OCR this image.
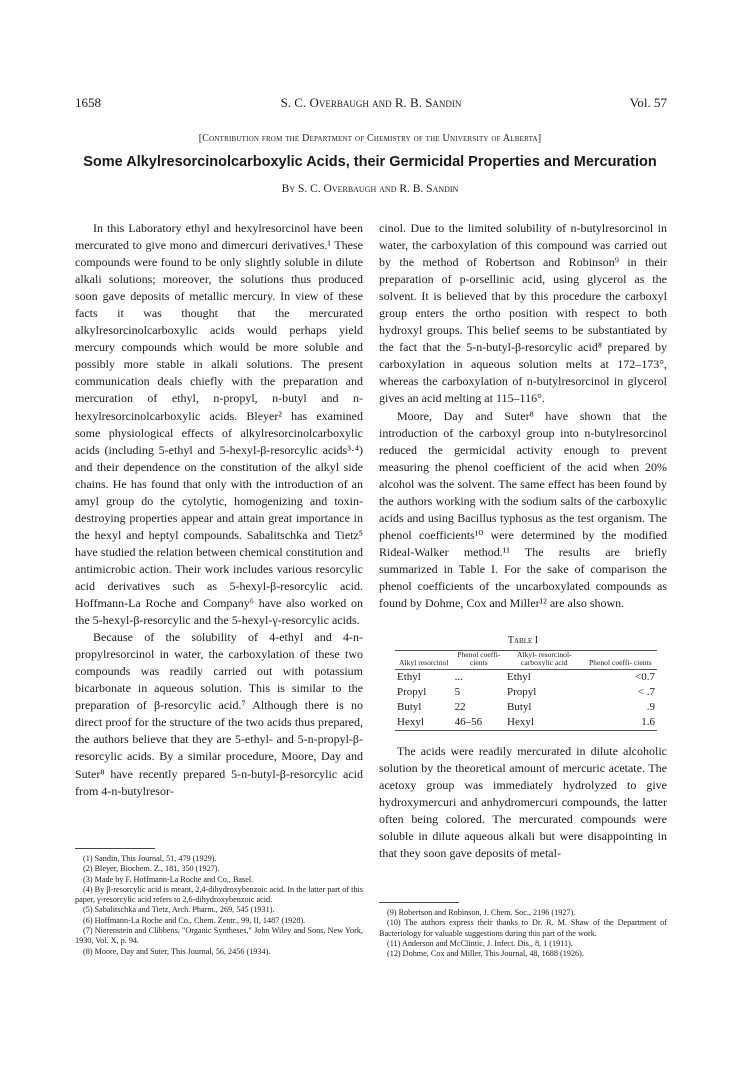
1658	S. C. Overbaugh and R. B. Sandin	Vol. 57
[Contribution from the Department of Chemistry of the University of Alberta]
Some Alkylresorcinolcarboxylic Acids, their Germicidal Properties and Mercuration
By S. C. Overbaugh and R. B. Sandin

In this Laboratory ethyl and hexylresorcinol have been mercurated to give mono and dimercuri derivatives.¹ These compounds were found to be only slightly soluble in dilute alkali solutions; moreover, the solutions thus produced soon gave deposits of metallic mercury. In view of these facts it was thought that the mercurated alkylresorcinolcarboxylic acids would perhaps yield mercury compounds which would be more soluble and possibly more stable in alkali solutions. The present communication deals chiefly with the preparation and mercuration of ethyl, n-propyl, n-butyl and n-hexylresorcinolcarboxylic acids. Bleyer² has examined some physiological effects of alkylresorcinolcarboxylic acids (including 5-ethyl and 5-hexyl-β-resorcylic acids³·⁴) and their dependence on the constitution of the alkyl side chains. He has found that only with the introduction of an amyl group do the cytolytic, homogenizing and toxin-destroying properties appear and attain great importance in the hexyl and heptyl compounds. Sabalitschka and Tietz⁵ have studied the relation between chemical constitution and antimicrobic action. Their work includes various resorcylic acid derivatives such as 5-hexyl-β-resorcylic acid. Hoffmann-La Roche and Company⁶ have also worked on the 5-hexyl-β-resorcylic and the 5-hexyl-γ-resorcylic acids.

Because of the solubility of 4-ethyl and 4-n-propylresorcinol in water, the carboxylation of these two compounds was readily carried out with potassium bicarbonate in aqueous solution. This is similar to the preparation of β-resorcylic acid.⁷ Although there is no direct proof for the structure of the two acids thus prepared, the authors believe that they are 5-ethyl- and 5-n-propyl-β-resorcylic acids. By a similar procedure, Moore, Day and Suter⁸ have recently prepared 5-n-butyl-β-resorcylic acid from 4-n-butylresor-

(1) Sandin, This Journal, 51, 479 (1929).

(2) Bleyer, Biochem. Z., 181, 350 (1927).

(3) Made by F. Hoffmann-La Roche and Co., Basel.

(4) By β-resorcylic acid is meant, 2,4-dihydroxybenzoic acid. In the latter part of this paper, γ-resorcylic acid refers to 2,6-dihydroxybenzoic acid.

(5) Sabalitschka and Tietz, Arch. Pharm., 269, 545 (1931).

(6) Hoffmann-La Roche and Co., Chem. Zentr., 99, II, 1487 (1928).

(7) Nierenstein and Clibbens, "Organic Syntheses," John Wiley and Sons, New York, 1930, Vol. X, p. 94.

(8) Moore, Day and Suter, This Journal, 56, 2456 (1934).

cinol. Due to the limited solubility of n-butylresorcinol in water, the carboxylation of this compound was carried out by the method of Robertson and Robinson⁹ in their preparation of p-orsellinic acid, using glycerol as the solvent. It is believed that by this procedure the carboxyl group enters the ortho position with respect to both hydroxyl groups. This belief seems to be substantiated by the fact that the 5-n-butyl-β-resorcylic acid⁸ prepared by carboxylation in aqueous solution melts at 172–173°, whereas the carboxylation of n-butylresorcinol in glycerol gives an acid melting at 115–116°.

Moore, Day and Suter⁸ have shown that the introduction of the carboxyl group into n-butylresorcinol reduced the germicidal activity enough to prevent measuring the phenol coefficient of the acid when 20% alcohol was the solvent. The same effect has been found by the authors working with the sodium salts of the carboxylic acids and using Bacillus typhosus as the test organism. The phenol coefficients¹⁰ were determined by the modified Rideal-Walker method.¹¹ The results are briefly summarized in Table I. For the sake of comparison the phenol coefficients of the uncarboxylated compounds as found by Dohme, Cox and Miller¹² are also shown.

Table I
Alkyl resorcinol	Phenol coeffi- cients	Alkyl- resorcinol- carboxylic acid	Phenol coeffi- cients
Ethyl	...	Ethyl	<0.7
Propyl	5	Propyl	< .7
Butyl	22	Butyl	.9
Hexyl	46–56	Hexyl	1.6

The acids were readily mercurated in dilute alcoholic solution by the theoretical amount of mercuric acetate. The acetoxy group was immediately hydrolyzed to give hydroxymercuri and anhydromercuri compounds, the latter often being colored. The mercurated compounds were soluble in dilute aqueous alkali but were disappointing in that they soon gave deposits of metal-

(9) Robertson and Robinson, J. Chem. Soc., 2196 (1927).

(10) The authors express their thanks to Dr. R. M. Shaw of the Department of Bacteriology for valuable suggestions during this part of the work.

(11) Anderson and McClintic, J. Infect. Dis., 8, 1 (1911).

(12) Dohme, Cox and Miller, This Journal, 48, 1688 (1926).
